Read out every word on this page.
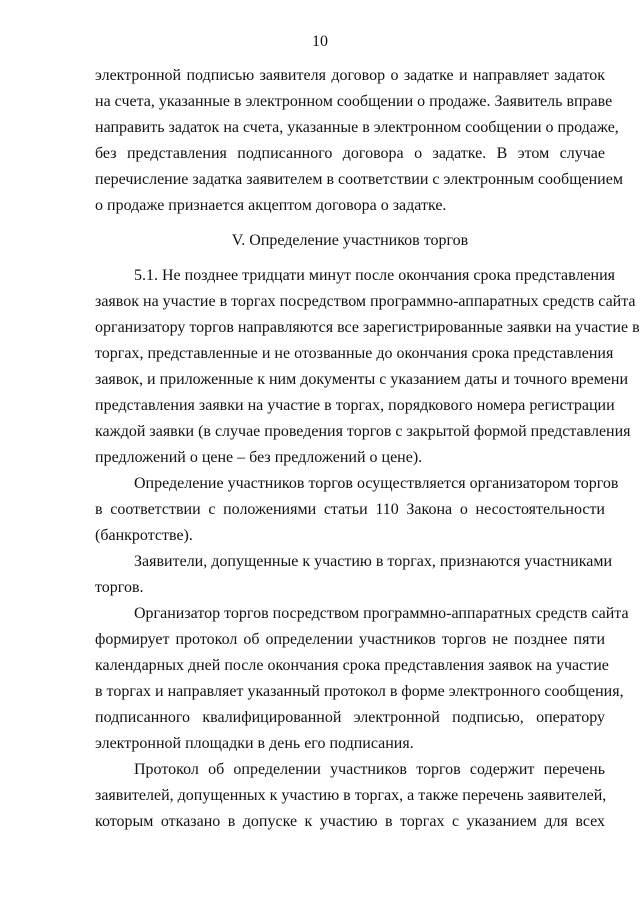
10
электронной подписью заявителя договор о задатке и направляет задаток
на счета, указанные в электронном сообщении о продаже. Заявитель вправе
направить задаток на счета, указанные в электронном сообщении о продаже,
без представления подписанного договора о задатке. В этом случае
перечисление задатка заявителем в соответствии с электронным сообщением
о продаже признается акцептом договора о задатке.
V. Определение участников торгов
5.1. Не позднее тридцати минут после окончания срока представления
заявок на участие в торгах посредством программно-аппаратных средств сайта
организатору торгов направляются все зарегистрированные заявки на участие в
торгах, представленные и не отозванные до окончания срока представления
заявок, и приложенные к ним документы с указанием даты и точного времени
представления заявки на участие в торгах, порядкового номера регистрации
каждой заявки (в случае проведения торгов с закрытой формой представления
предложений о цене – без предложений о цене).
Определение участников торгов осуществляется организатором торгов
в соответствии с положениями статьи 110 Закона о несостоятельности
(банкротстве).
Заявители, допущенные к участию в торгах, признаются участниками
торгов.
Организатор торгов посредством программно-аппаратных средств сайта
формирует протокол об определении участников торгов не позднее пяти
календарных дней после окончания срока представления заявок на участие
в торгах и направляет указанный протокол в форме электронного сообщения,
подписанного квалифицированной электронной подписью, оператору
электронной площадки в день его подписания.
Протокол об определении участников торгов содержит перечень
заявителей, допущенных к участию в торгах, а также перечень заявителей,
которым отказано в допуске к участию в торгах с указанием для всех
